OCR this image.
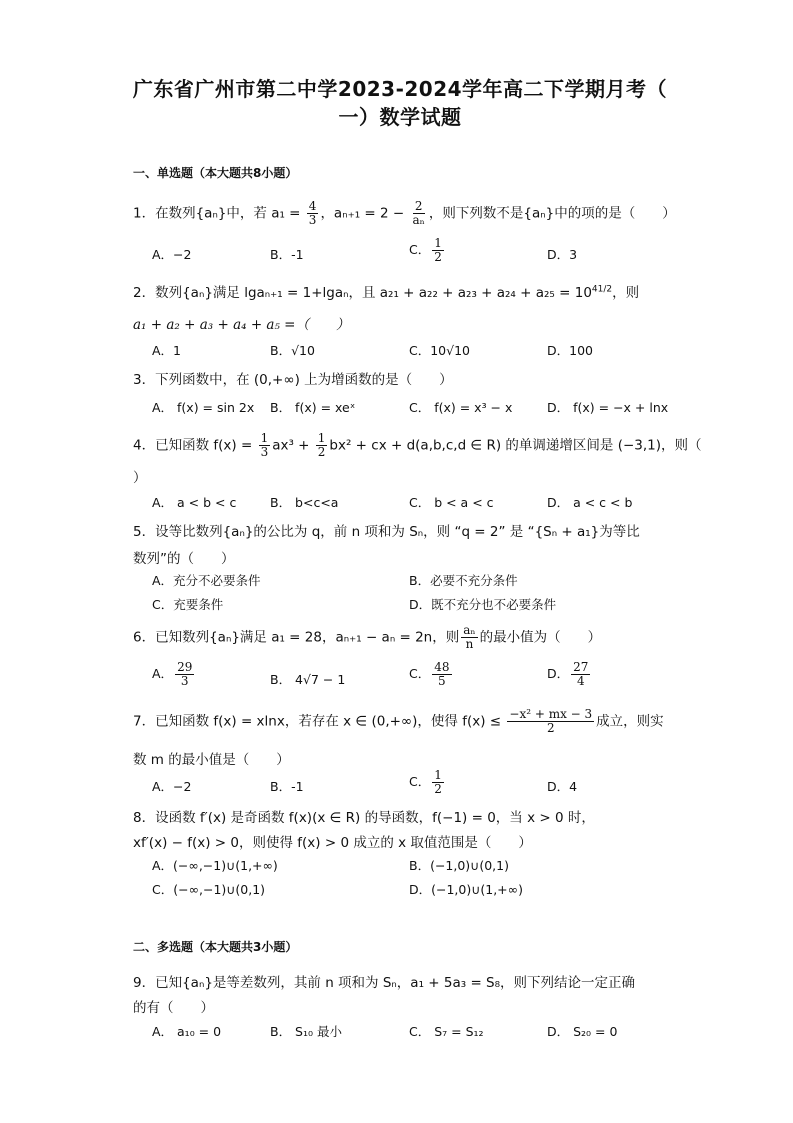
广东省广州市第二中学2023-2024学年高二下学期月考（
一）数学试题
一、单选题（本大题共8小题）
1．在数列{aₙ}中，若 $a_1 = \frac{4}{3}$ ，$a_{n+1} = 2 - \frac{2}{\text{aₙ}}$ ，则下列数不是{aₙ}中的项的是（　　）
A．−2	B．-1	C． $\frac{1}{2}$	D．3
2．数列{aₙ}满足 lgaₙ₊₁ = 1+lgaₙ，且 $a_{21} + a_{22} + a_{23} + a_{24} + a_{25} = 10^{41/2}$，则
a₁ + a₂ + a₃ + a₄ + a₅ =（　　）
A．1	B．√10	C．10√10	D．100
3．下列函数中，在 (0,+∞) 上为增函数的是（　　）
A． f(x) = sin 2x B． f(x) = xeˣ	C． f(x) = x³ − x	D． f(x) = −x + lnx
4．已知函数 $f(x) = \frac{1}{3} ax^3 + \frac{1}{2} bx^2$ + cx + d(a,b,c,d ∈ R) 的单调递增区间是 (−3,1)，则（
）
A． a < b < c	B． b<c<a	C． b < a < c	D． a < c < b
5．设等比数列{aₙ}的公比为 q，前 n 项和为 Sₙ，则 “q = 2” 是 “{Sₙ + a₁}为等比
数列”的（　　）
A．充分不必要条件	B．必要不充分条件
C．充要条件	D．既不充分也不必要条件
6．已知数列{aₙ}满足 a₁ = 28，aₙ₊₁ − aₙ = 2n，则 $\frac{\text{aₙ}}{n}$ 的最小值为（　　）
A． $\frac{29}{3}$	B． 4√7 − 1	C． $\frac{48}{5}$	D． $\frac{27}{4}$
7．已知函数 f(x) = xlnx，若存在 x ∈ (0,+∞)，使得 $f(x) \le \frac{\text{−x² + mx − 3}}{2}$ 成立，则实
数 m 的最小值是（　　）
A．−2	B．-1	C． $\frac{1}{2}$	D．4
8．设函数 f′(x) 是奇函数 f(x)(x ∈ R) 的导函数，f(−1) = 0，当 x > 0 时，
xf′(x) − f(x) > 0，则使得 f(x) > 0 成立的 x 取值范围是（　　）
A．(−∞,−1)∪(1,+∞)	B．(−1,0)∪(0,1)
C．(−∞,−1)∪(0,1)	D．(−1,0)∪(1,+∞)
二、多选题（本大题共3小题）
9．已知{aₙ}是等差数列，其前 n 项和为 Sₙ，a₁ + 5a₃ = S₈，则下列结论一定正确
的有（　　）
A． a₁₀ = 0	B． S₁₀ 最小	C． S₇ = S₁₂	D． S₂₀ = 0
